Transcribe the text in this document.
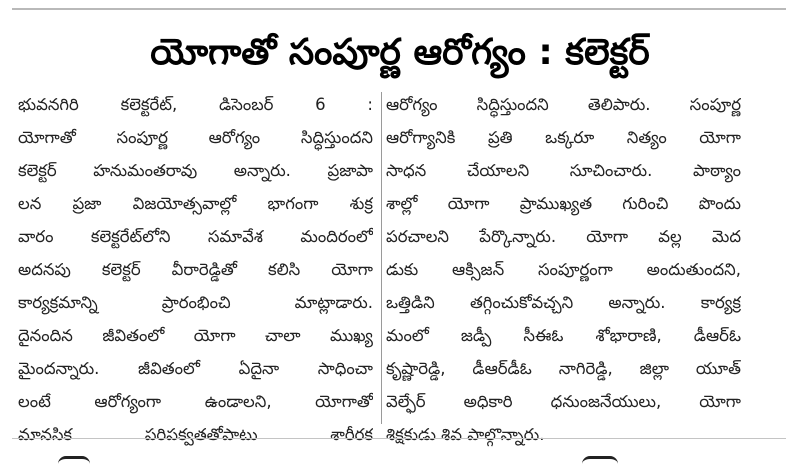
యోగాతో సంపూర్ణ ఆరోగ్యం : కలెక్టర్
భువనగిరి కలెక్టరేట్, డిసెంబర్ 6 :
యోగాతో సంపూర్ణ ఆరోగ్యం సిద్ధిస్తుందని
కలెక్టర్ హనుమంతరావు అన్నారు. ప్రజాపా
లన ప్రజా విజయోత్సవాల్లో భాగంగా శుక్ర
వారం కలెక్టరేట్‌లోని సమావేశ మందిరంలో
అదనపు కలెక్టర్ వీరారెడ్డితో కలిసి యోగా
కార్యక్రమాన్ని ప్రారంభించి మాట్లాడారు.
దైనందిన జీవితంలో యోగా చాలా ముఖ్య
మైందన్నారు. జీవితంలో ఏదైనా సాధించా
లంటే ఆరోగ్యంగా ఉండాలని, యోగాతో
మానసిక పరిపక్వతతోపాటు శారీరక
ఆరోగ్యం సిద్ధిస్తుందని తెలిపారు. సంపూర్ణ
ఆరోగ్యానికి ప్రతి ఒక్కరూ నిత్యం యోగా
సాధన చేయాలని సూచించారు. పాఠ్యాం
శాల్లో యోగా ప్రాముఖ్యత గురించి పొందు
పరచాలని పేర్కొన్నారు. యోగా వల్ల మెద
డుకు ఆక్సిజన్ సంపూర్ణంగా అందుతుందని,
ఒత్తిడిని తగ్గించుకోవచ్చని అన్నారు. కార్యక్ర
మంలో జడ్పీ సీఈఓ శోభారాణి, డీఆర్‌ఓ
కృష్ణారెడ్డి, డీఆర్‌డీఓ నాగిరెడ్డి, జిల్లా యూత్
వెల్ఫేర్ అధికారి ధనుంజనేయులు, యోగా
శిక్షకుడు శివ పాల్గొన్నారు.
